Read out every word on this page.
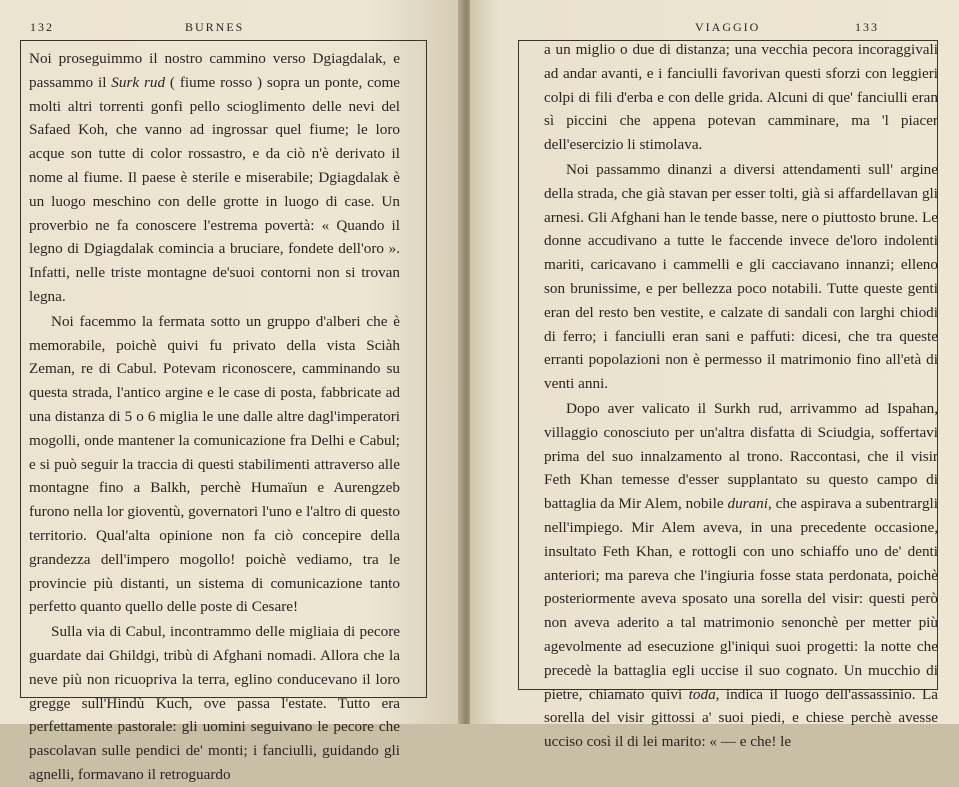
132	BURNES

Noi proseguimmo il nostro cammino verso Dgiagdalak, e passammo il Surk rud ( fiume rosso ) sopra un ponte, come molti altri torrenti gonfi pello scioglimento delle nevi del Safaed Koh, che vanno ad ingrossar quel fiume; le loro acque son tutte di color rossastro, e da ciò n'è derivato il nome al fiume. Il paese è sterile e miserabile; Dgiagdalak è un luogo meschino con delle grotte in luogo di case. Un proverbio ne fa conoscere l'estrema povertà: « Quando il legno di Dgiagdalak comincia a bruciare, fondete dell'oro ». Infatti, nelle triste montagne de'suoi contorni non si trovan legna.

Noi facemmo la fermata sotto un gruppo d'alberi che è memorabile, poichè quivi fu privato della vista Sciàh Zeman, re di Cabul. Potevam riconoscere, camminando su questa strada, l'antico argine e le case di posta, fabbricate ad una distanza di 5 o 6 miglia le une dalle altre dagl'imperatori mogolli, onde mantener la comunicazione fra Delhi e Cabul; e si può seguir la traccia di questi stabilimenti attraverso alle montagne fino a Balkh, perchè Humaïun e Aurengzeb furono nella lor gioventù, governatori l'uno e l'altro di questo territorio. Qual'alta opinione non fa ciò concepire della grandezza dell'impero mogollo! poichè vediamo, tra le provincie più distanti, un sistema di comunicazione tanto perfetto quanto quello delle poste di Cesare!

Sulla via di Cabul, incontrammo delle migliaia di pecore guardate dai Ghildgi, tribù di Afghani nomadi. Allora che la neve più non ricuopriva la terra, eglino conducevano il loro gregge sull'Hindù Kuch, ove passa l'estate. Tutto era perfettamente pastorale: gli uomini seguivano le pecore che pascolavan sulle pendici de' monti; i fanciulli, guidando gli agnelli, formavano il retroguardo

VIAGGIO	133

a un miglio o due di distanza; una vecchia pecora incoraggivali ad andar avanti, e i fanciulli favorivan questi sforzi con leggieri colpi di fili d'erba e con delle grida. Alcuni di que' fanciulli eran sì piccini che appena potevan camminare, ma 'l piacer dell'esercizio li stimolava.

Noi passammo dinanzi a diversi attendamenti sull' argine della strada, che già stavan per esser tolti, già si affardellavan gli arnesi. Gli Afghani han le tende basse, nere o piuttosto brune. Le donne accudivano a tutte le faccende invece de'loro indolenti mariti, caricavano i cammelli e gli cacciavano innanzi; elleno son brunissime, e per bellezza poco notabili. Tutte queste genti eran del resto ben vestite, e calzate di sandali con larghi chiodi di ferro; i fanciulli eran sani e paffuti: dicesi, che tra queste erranti popolazioni non è permesso il matrimonio fino all'età di venti anni.

Dopo aver valicato il Surkh rud, arrivammo ad Ispahan, villaggio conosciuto per un'altra disfatta di Sciudgia, soffertavi prima del suo innalzamento al trono. Raccontasi, che il visir Feth Khan temesse d'esser supplantato su questo campo di battaglia da Mir Alem, nobile durani, che aspirava a subentrargli nell'impiego. Mir Alem aveva, in una precedente occasione, insultato Feth Khan, e rottogli con uno schiaffo uno de' denti anteriori; ma pareva che l'ingiuria fosse stata perdonata, poichè posteriormente aveva sposato una sorella del visir: questi però non aveva aderito a tal matrimonio senonchè per metter più agevolmente ad esecuzione gl'iniqui suoi progetti: la notte che precedè la battaglia egli uccise il suo cognato. Un mucchio di pietre, chiamato quivi toda, indica il luogo dell'assassinio. La sorella del visir gittossi a' suoi piedi, e chiese perchè avesse ucciso così il di lei marito: « — e che! le
